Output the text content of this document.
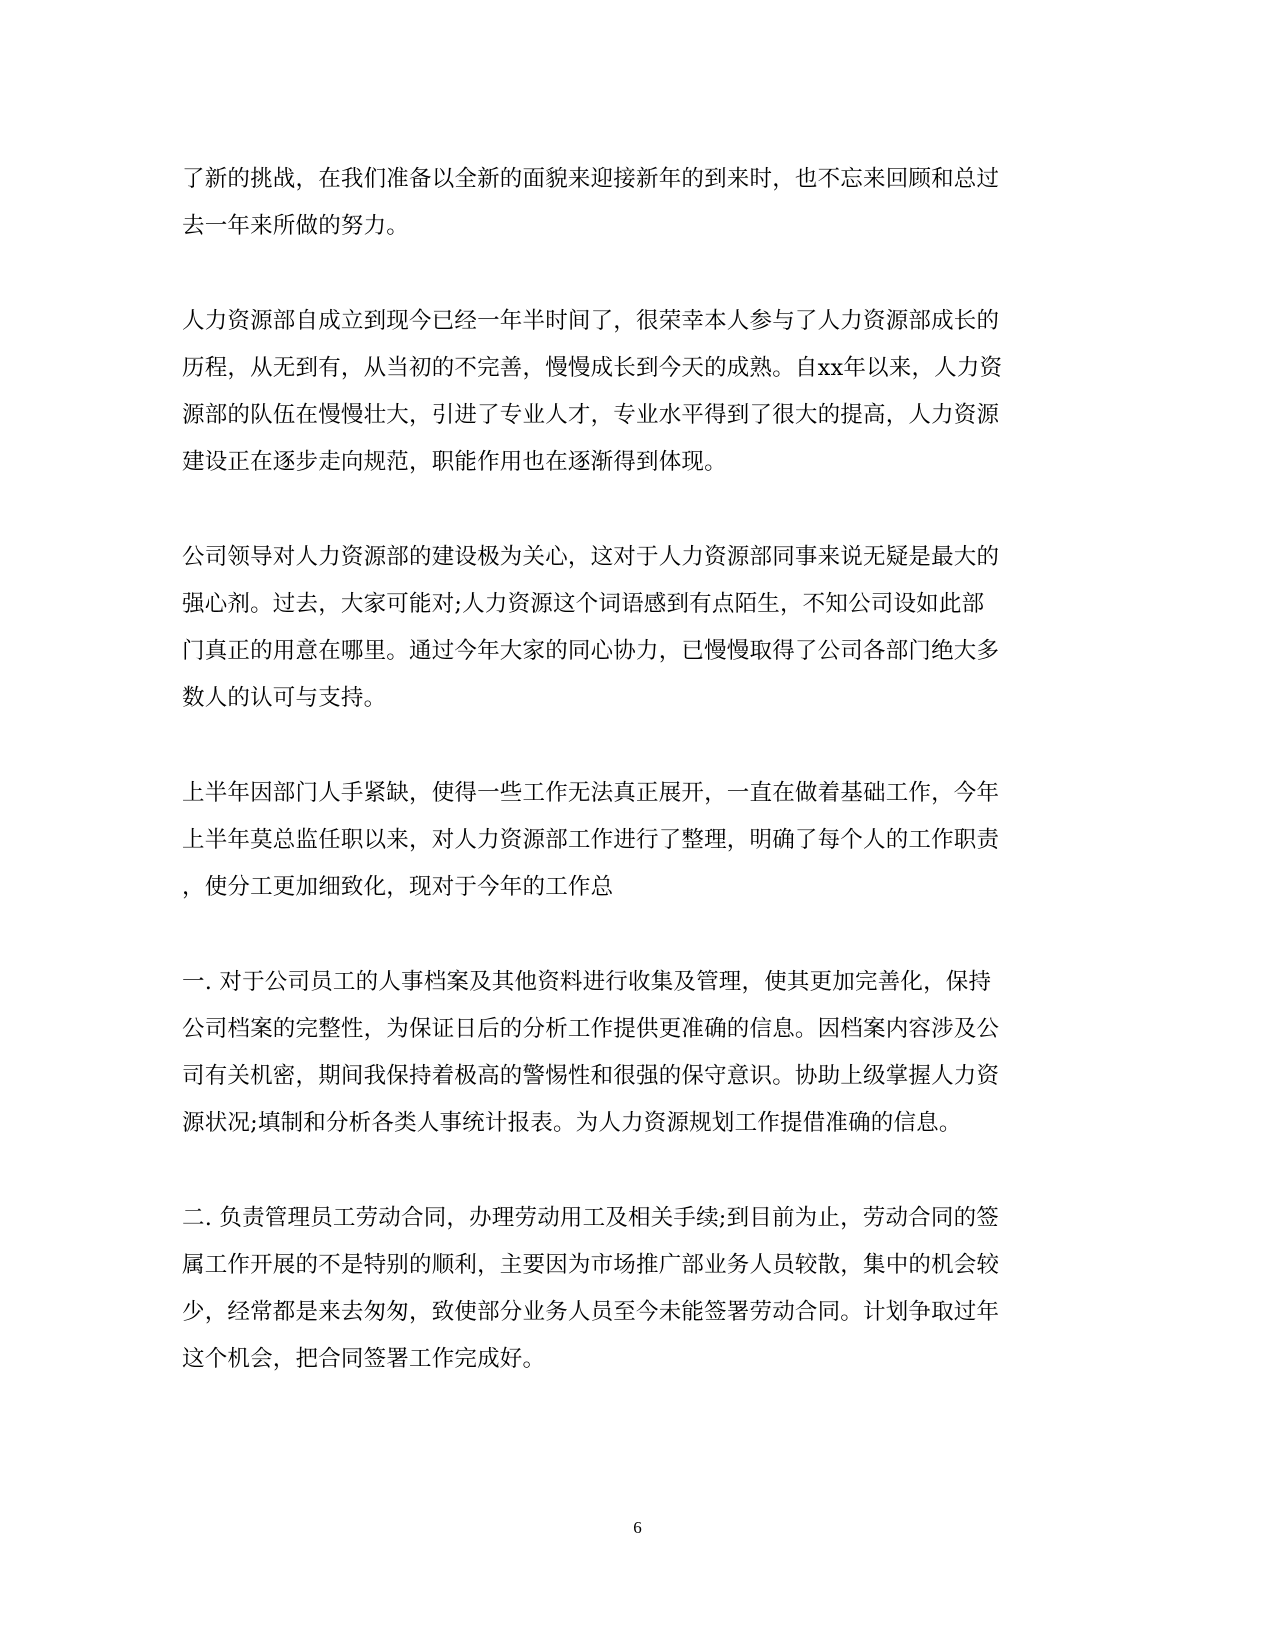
了新的挑战，在我们准备以全新的面貌来迎接新年的到来时，也不忘来回顾和总过
去一年来所做的努力。
人力资源部自成立到现今已经一年半时间了，很荣幸本人参与了人力资源部成长的
历程，从无到有，从当初的不完善，慢慢成长到今天的成熟。自xx年以来，人力资
源部的队伍在慢慢壮大，引进了专业人才，专业水平得到了很大的提高，人力资源
建设正在逐步走向规范，职能作用也在逐渐得到体现。
公司领导对人力资源部的建设极为关心，这对于人力资源部同事来说无疑是最大的
强心剂。过去，大家可能对;人力资源这个词语感到有点陌生，不知公司设如此部
门真正的用意在哪里。通过今年大家的同心协力，已慢慢取得了公司各部门绝大多
数人的认可与支持。
上半年因部门人手紧缺，使得一些工作无法真正展开，一直在做着基础工作，今年
上半年莫总监任职以来，对人力资源部工作进行了整理，明确了每个人的工作职责
，使分工更加细致化，现对于今年的工作总
一. 对于公司员工的人事档案及其他资料进行收集及管理，使其更加完善化，保持
公司档案的完整性，为保证日后的分析工作提供更准确的信息。因档案内容涉及公
司有关机密，期间我保持着极高的警惕性和很强的保守意识。协助上级掌握人力资
源状况;填制和分析各类人事统计报表。为人力资源规划工作提借准确的信息。
二. 负责管理员工劳动合同，办理劳动用工及相关手续;到目前为止，劳动合同的签
属工作开展的不是特别的顺利，主要因为市场推广部业务人员较散，集中的机会较
少，经常都是来去匆匆，致使部分业务人员至今未能签署劳动合同。计划争取过年
这个机会，把合同签署工作完成好。
6
